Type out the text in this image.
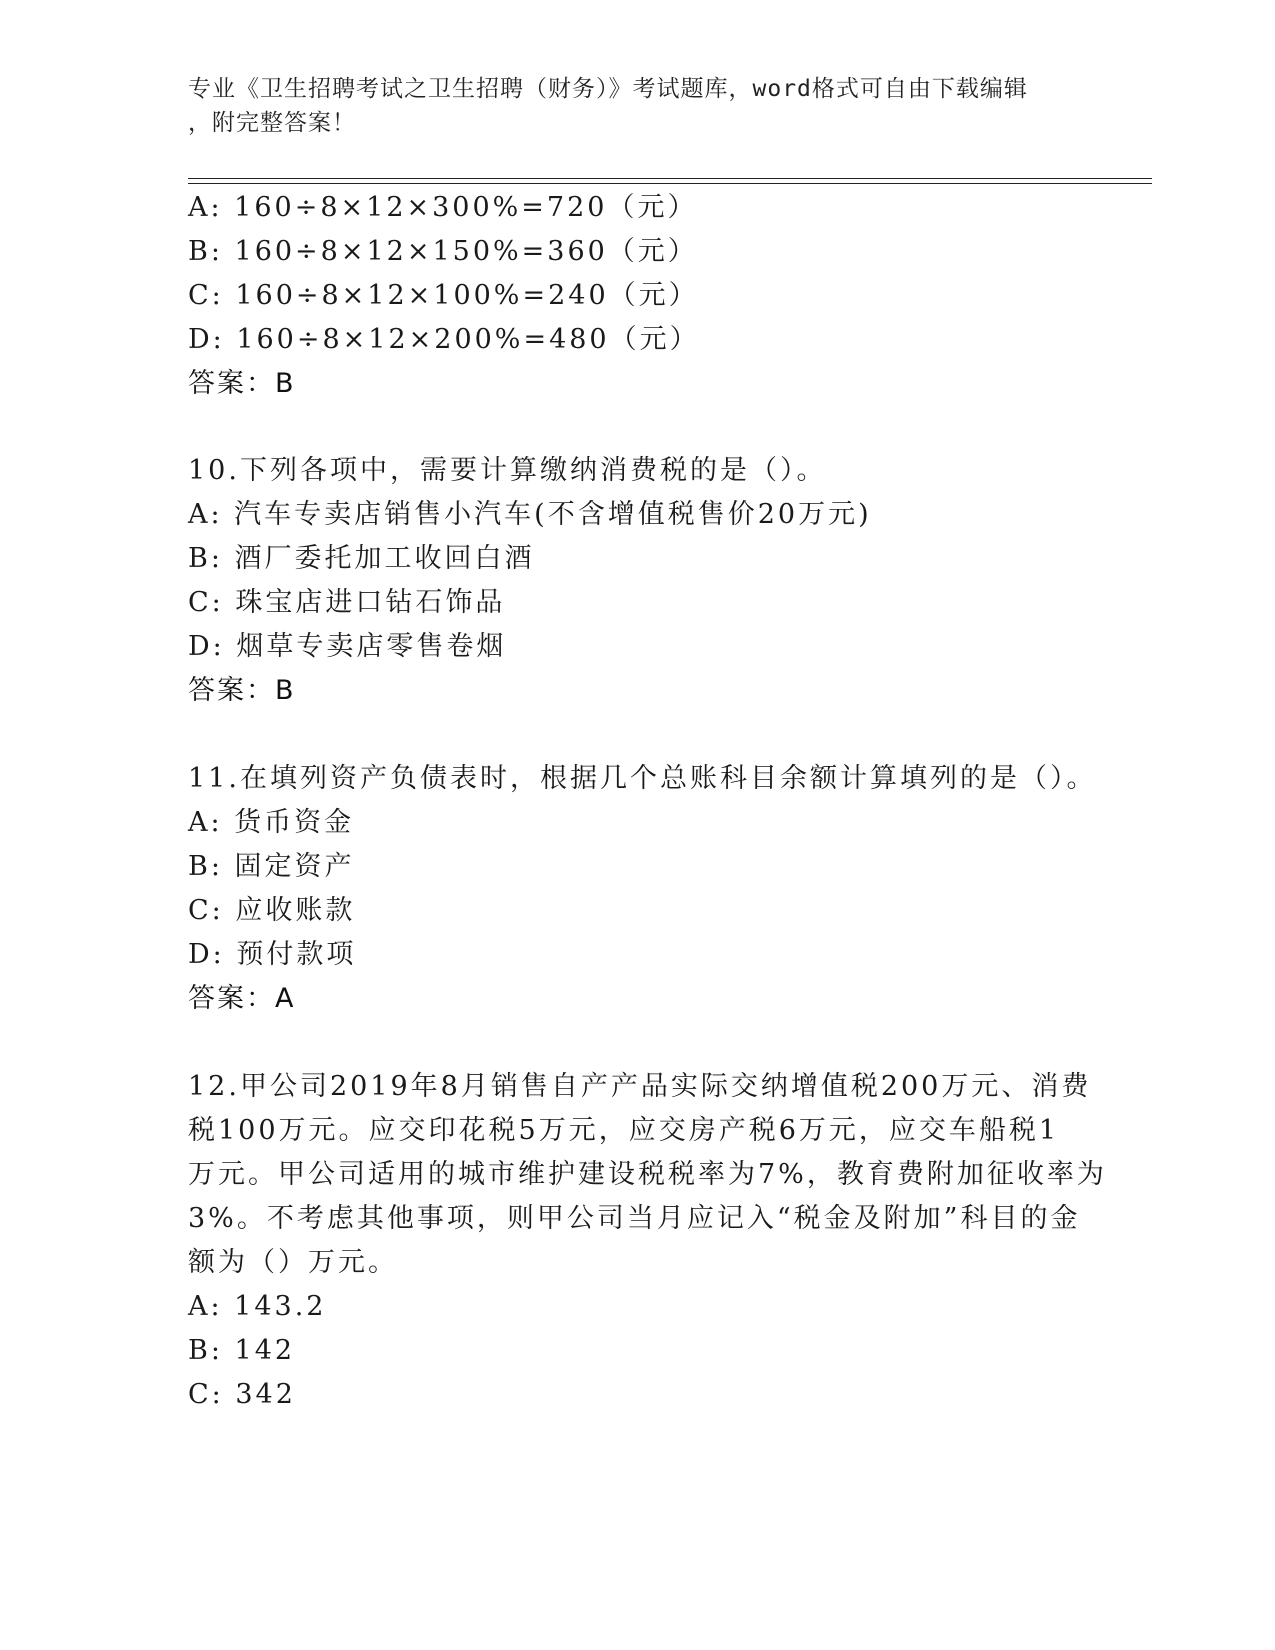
专业《卫生招聘考试之卫生招聘（财务）》考试题库，word格式可自由下载编辑
，附完整答案！
A: 160÷8×12×300%=720（元）
B: 160÷8×12×150%=360（元）
C: 160÷8×12×100%=240（元）
D: 160÷8×12×200%=480（元）
答案：B
10.下列各项中，需要计算缴纳消费税的是（）。
A: 汽车专卖店销售小汽车(不含增值税售价20万元)
B: 酒厂委托加工收回白酒
C: 珠宝店进口钻石饰品
D: 烟草专卖店零售卷烟
答案：B
11.在填列资产负债表时，根据几个总账科目余额计算填列的是（）。
A: 货币资金
B: 固定资产
C: 应收账款
D: 预付款项
答案：A
12.甲公司2019年8月销售自产产品实际交纳增值税200万元、消费
税100万元。应交印花税5万元，应交房产税6万元，应交车船税1
万元。甲公司适用的城市维护建设税税率为7%，教育费附加征收率为
3%。不考虑其他事项，则甲公司当月应记入“税金及附加”科目的金
额为（）万元。
A: 143.2
B: 142
C: 342
